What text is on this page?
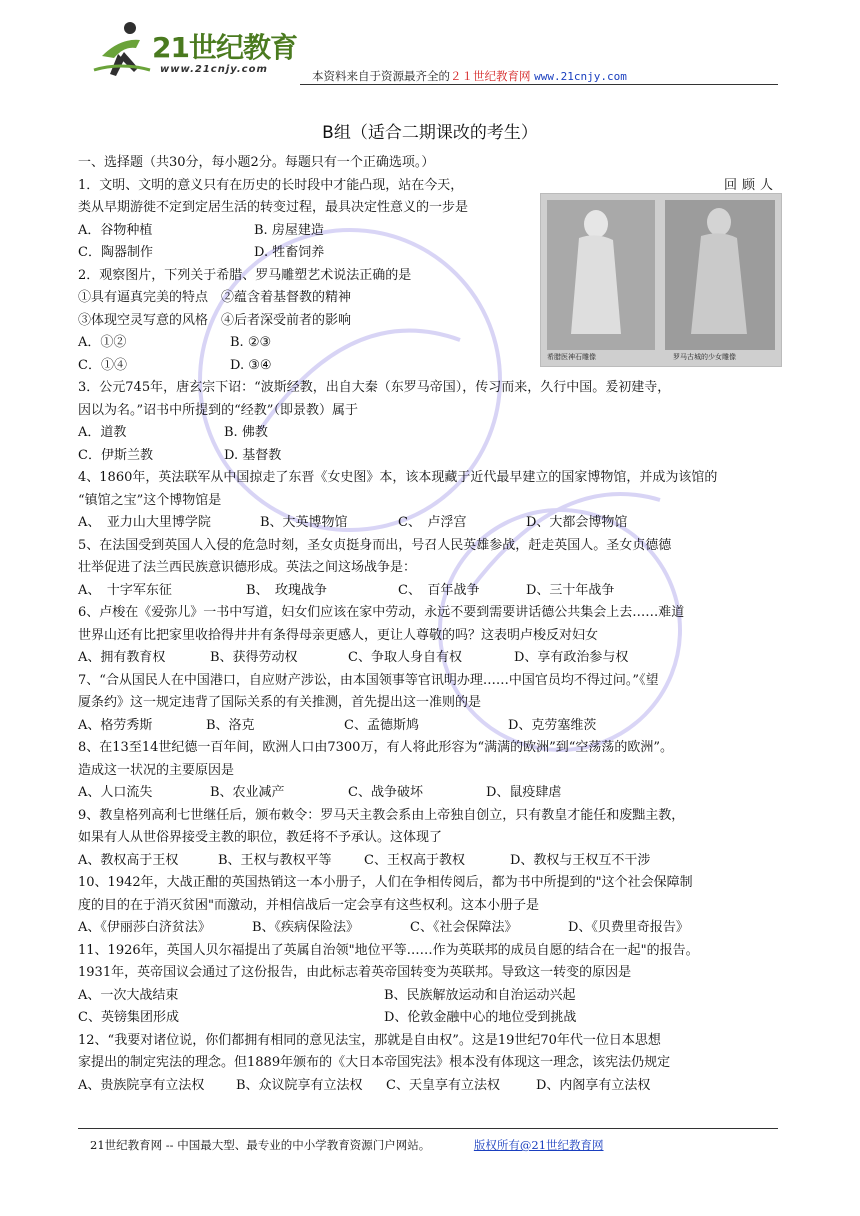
21世纪教育
www.21cnjy.com	本资料来自于资源最齐全的２１世纪教育网 www.21cnjy.com
B组（适合二期课改的考生）
希腊医神石雕像	罗马古城的少女雕像
一、选择题（共30分，每小题2分。每题只有一个正确选项。）
1．文明、文明的意义只有在历史的长时段中才能凸现，站在今天，	回顾人
类从早期游徙不定到定居生活的转变过程，最具决定性意义的一步是
A．谷物种植	B. 房屋建造
C．陶器制作	D. 牲畜饲养
2．观察图片，下列关于希腊、罗马雕塑艺术说法正确的是
①具有逼真完美的特点　②蕴含着基督教的精神
③体现空灵写意的风格　④后者深受前者的影响
A．①②	B. ②③
C．①④	D. ③④
3．公元745年，唐玄宗下诏：“波斯经教，出自大秦（东罗马帝国），传习而来，久行中国。爰初建寺，
因以为名。”诏书中所提到的“经教”（即景教）属于
A．道教	B. 佛教
C．伊斯兰教	D. 基督教
4、1860年，英法联军从中国掠走了东晋《女史图》本，该本现藏于近代最早建立的国家博物馆，并成为该馆的
“镇馆之宝”这个博物馆是
A、　亚力山大里博学院	B、大英博物馆	C、　卢浮宫	D、大都会博物馆
5、在法国受到英国人入侵的危急时刻，圣女贞挺身而出，号召人民英雄参战，赶走英国人。圣女贞德德
壮举促进了法兰西民族意识德形成。英法之间这场战争是：
A、　十字军东征	B、　玫瑰战争	C、　百年战争	D、三十年战争
6、卢梭在《爱弥儿》一书中写道，妇女们应该在家中劳动，永远不要到需要讲话德公共集会上去……难道
世界山还有比把家里收拾得井井有条得母亲更感人，更让人尊敬的吗？这表明卢梭反对妇女
A、拥有教育权	B、获得劳动权	C、争取人身自有权	D、享有政治参与权
7、“合从国民人在中国港口，自应财产涉讼，由本国领事等官讯明办理……中国官员均不得过问。”《望
厦条约》这一规定违背了国际关系的有关推测，首先提出这一准则的是
A、格劳秀斯	B、洛克	C、孟德斯鸠	D、克劳塞维茨
8、在13至14世纪德一百年间，欧洲人口由7300万，有人将此形容为“满满的欧洲”到“空荡荡的欧洲”。
造成这一状况的主要原因是
A、人口流失	B、农业减产	C、战争破坏	D、鼠疫肆虐
9、教皇格列高利七世继任后，颁布敕令：罗马天主教会系由上帝独自创立，只有教皇才能任和废黜主教，
如果有人从世俗界接受主教的职位，教廷将不予承认。这体现了
A、教权高于王权	B、王权与教权平等 C、王权高于教权	D、教权与王权互不干涉
10、1942年，大战正酣的英国热销这一本小册子，人们在争相传阅后，都为书中所提到的"这个社会保障制
度的目的在于消灭贫困"而激动，并相信战后一定会享有这些权利。这本小册子是
A、《伊丽莎白济贫法》	B、《疾病保险法》	C、《社会保障法》	D、《贝费里奇报告》
11、1926年，英国人贝尔福提出了英属自治领"地位平等……作为英联邦的成员自愿的结合在一起"的报告。
1931年，英帝国议会通过了这份报告，由此标志着英帝国转变为英联邦。导致这一转变的原因是
A、一次大战结束	B、民族解放运动和自治运动兴起
C、英镑集团形成	D、伦敦金融中心的地位受到挑战
12、“我要对诸位说，你们都拥有相同的意见法宝，那就是自由权”。这是19世纪70年代一位日本思想
家提出的制定宪法的理念。但1889年颁布的《大日本帝国宪法》根本没有体现这一理念，该宪法仍规定
A、贵族院享有立法权 B、众议院享有立法权 C、天皇享有立法权	D、内阁享有立法权
21世纪教育网 -- 中国最大型、最专业的中小学教育资源门户网站。	版权所有@21世纪教育网
